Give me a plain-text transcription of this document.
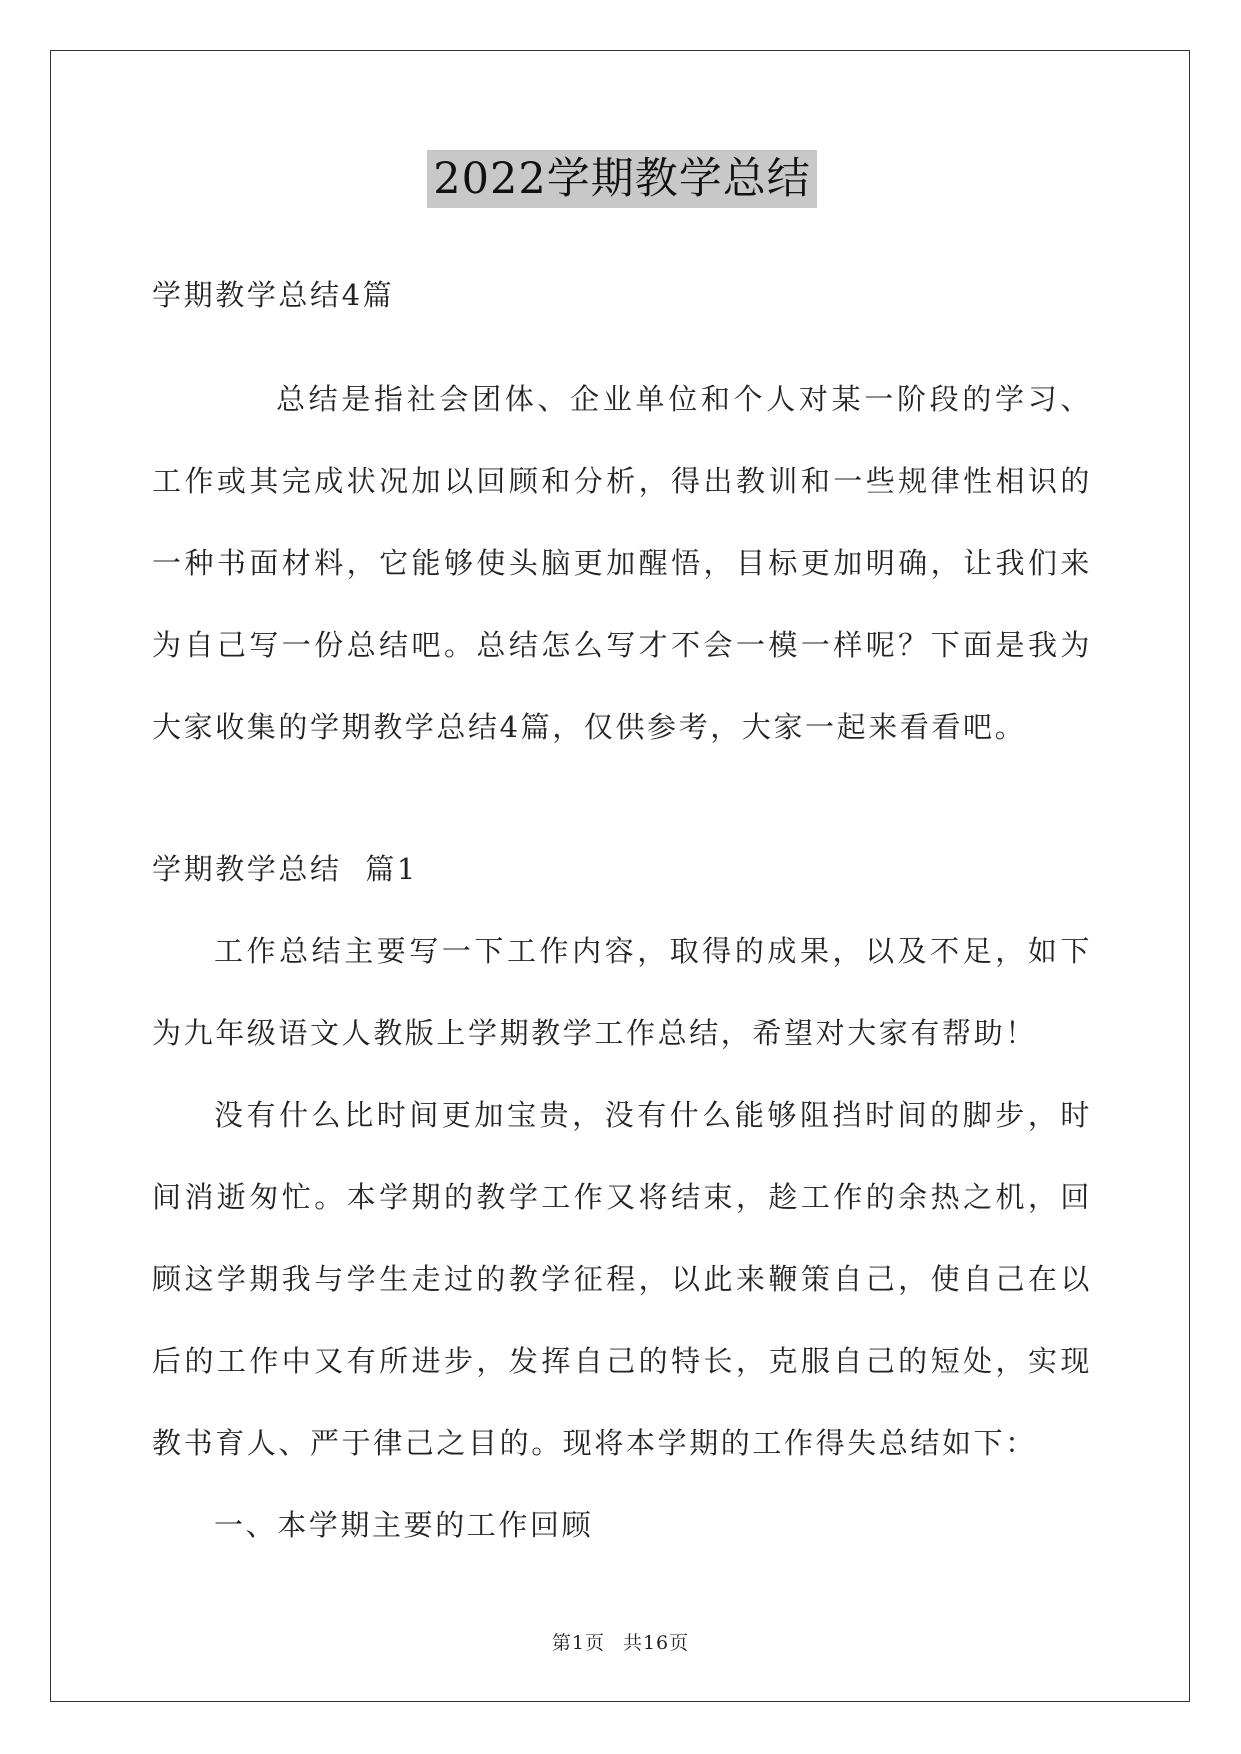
2022学期教学总结

学期教学总结4篇

总结是指社会团体、企业单位和个人对某一阶段的学习、工作或其完成状况加以回顾和分析，得出教训和一些规律性相识的一种书面材料，它能够使头脑更加醒悟，目标更加明确，让我们来为自己写一份总结吧。总结怎么写才不会一模一样呢？下面是我为大家收集的学期教学总结4篇，仅供参考，大家一起来看看吧。

学期教学总结  篇1

工作总结主要写一下工作内容，取得的成果，以及不足，如下为九年级语文人教版上学期教学工作总结，希望对大家有帮助！

没有什么比时间更加宝贵，没有什么能够阻挡时间的脚步，时间消逝匆忙。本学期的教学工作又将结束，趁工作的余热之机，回顾这学期我与学生走过的教学征程，以此来鞭策自己，使自己在以后的工作中又有所进步，发挥自己的特长，克服自己的短处，实现教书育人、严于律己之目的。现将本学期的工作得失总结如下：

一、本学期主要的工作回顾

第1页 共16页
